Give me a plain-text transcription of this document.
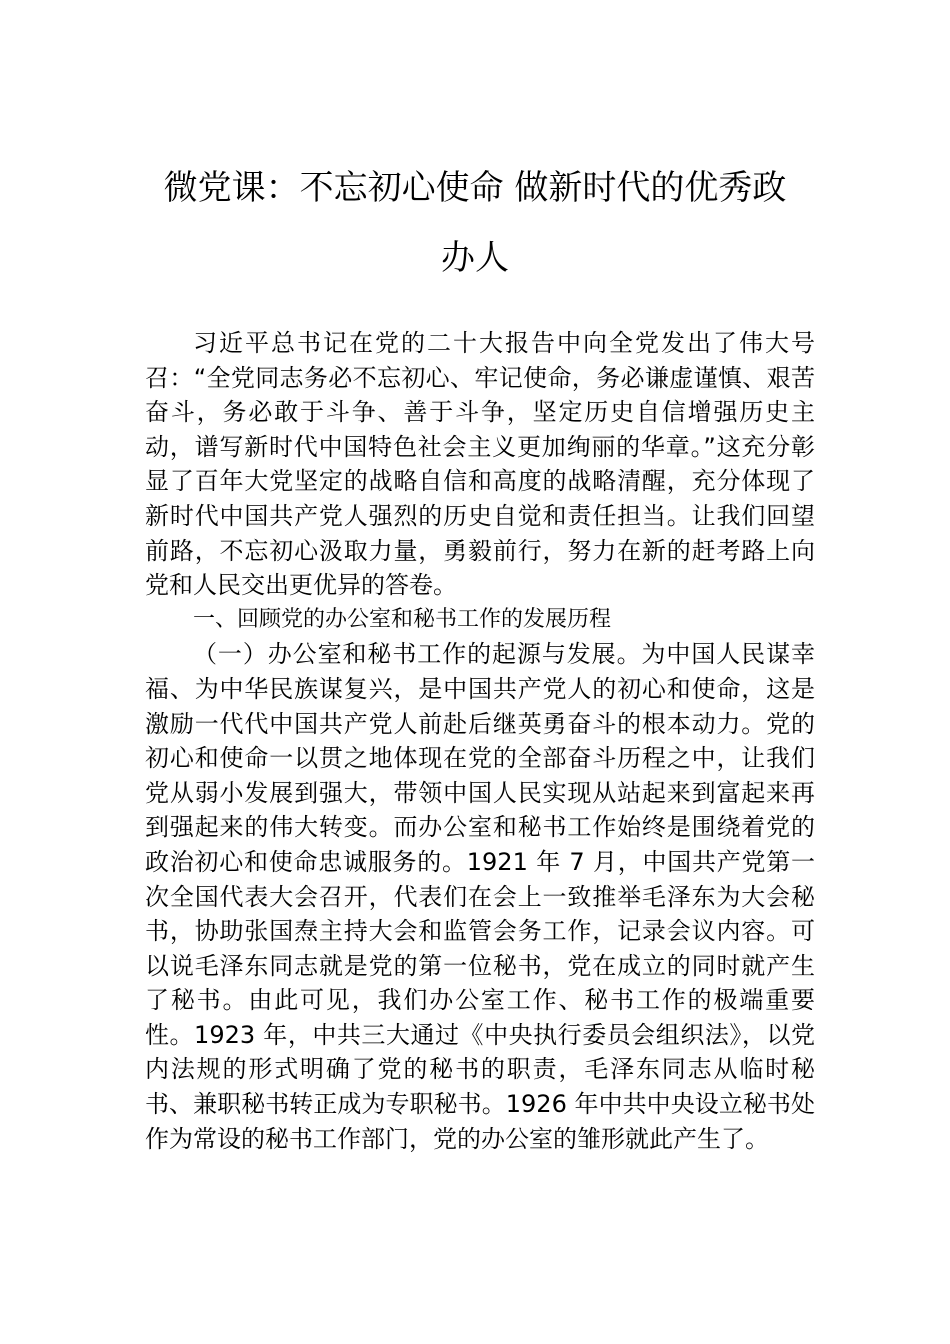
微党课：不忘初心使命 做新时代的优秀政
办人

习近平总书记在党的二十大报告中向全党发出了伟大号召：“全党同志务必不忘初心、牢记使命，务必谦虚谨慎、艰苦奋斗，务必敢于斗争、善于斗争，坚定历史自信增强历史主动，谱写新时代中国特色社会主义更加绚丽的华章。”这充分彰显了百年大党坚定的战略自信和高度的战略清醒，充分体现了新时代中国共产党人强烈的历史自觉和责任担当。让我们回望前路，不忘初心汲取力量，勇毅前行，努力在新的赶考路上向党和人民交出更优异的答卷。

一、回顾党的办公室和秘书工作的发展历程

（一）办公室和秘书工作的起源与发展。为中国人民谋幸福、为中华民族谋复兴，是中国共产党人的初心和使命，这是激励一代代中国共产党人前赴后继英勇奋斗的根本动力。党的初心和使命一以贯之地体现在党的全部奋斗历程之中，让我们党从弱小发展到强大，带领中国人民实现从站起来到富起来再到强起来的伟大转变。而办公室和秘书工作始终是围绕着党的政治初心和使命忠诚服务的。1921 年 7 月，中国共产党第一次全国代表大会召开，代表们在会上一致推举毛泽东为大会秘书，协助张国焘主持大会和监管会务工作，记录会议内容。可以说毛泽东同志就是党的第一位秘书，党在成立的同时就产生了秘书。由此可见，我们办公室工作、秘书工作的极端重要性。1923 年，中共三大通过《中央执行委员会组织法》，以党内法规的形式明确了党的秘书的职责，毛泽东同志从临时秘书、兼职秘书转正成为专职秘书。1926 年中共中央设立秘书处作为常设的秘书工作部门，党的办公室的雏形就此产生了。
